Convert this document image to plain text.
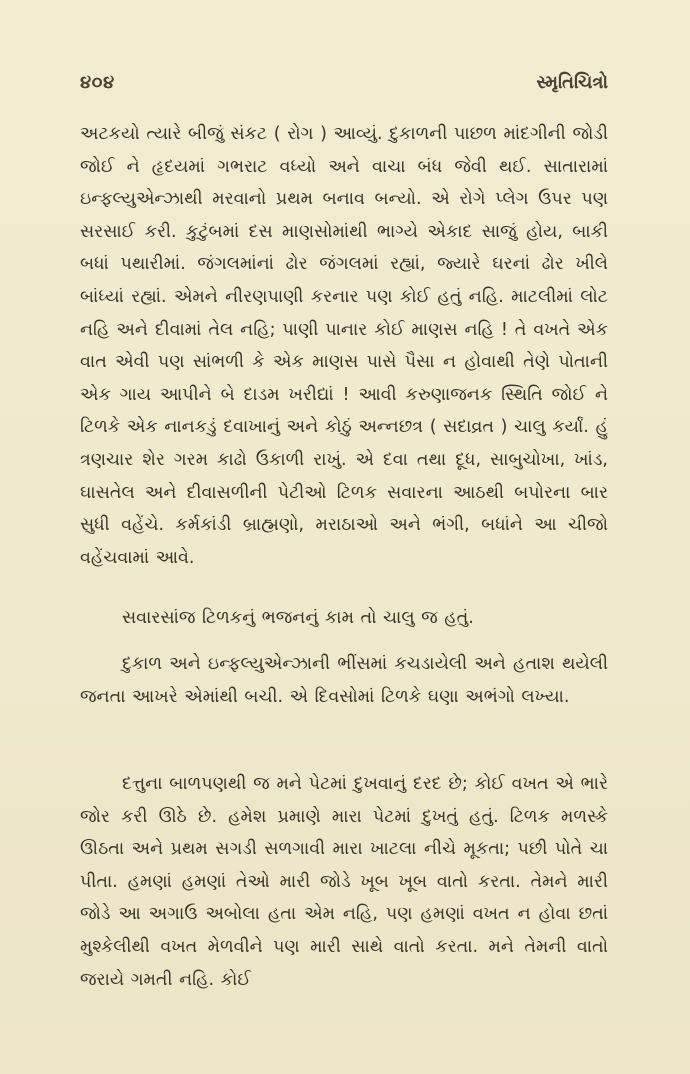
૪૦૪	સ્મૃતિચિત્રો

અટકયો ત્યારે બીજું સંકટ ( રોગ ) આવ્યું. દુકાળની પાછળ માંદગીની જોડી જોઈ ને હૃદયમાં ગભરાટ વધ્યો અને વાચા બંધ જેવી થઈ. સાતારામાં ઇન્ફલ્યુએન્ઝાથી મરવાનો પ્રથમ બનાવ બન્યો. એ રોગે પ્લેગ ઉપર પણ સરસાઈ કરી. કુટુંબમાં દસ માણસોમાંથી ભાગ્યે એકાદ સાજું હોય, બાકી બધાં પથારીમાં. જંગલમાંનાં ઢોર જંગલમાં રહ્યાં, જ્યારે ઘરનાં ઢોર ખીલે બાંધ્યાં રહ્યાં. એમને નીરણપાણી કરનાર પણ કોઈ હતું નહિ. માટલીમાં લોટ નહિ અને દીવામાં તેલ નહિ; પાણી પાનાર કોઈ માણસ નહિ ! તે વખતે એક વાત એવી પણ સાંભળી કે એક માણસ પાસે પૈસા ન હોવાથી તેણે પોતાની એક ગાય આપીને બે દાડમ ખરીદ્યાં ! આવી કરુણાજનક સ્થિતિ જોઈ ને ટિળકે એક નાનકડું દવાખાનું અને કોઠું અન્નછત્ર ( સદાવ્રત ) ચાલુ કર્યાં. હું ત્રણચાર શેર ગરમ કાઢો ઉકાળી રાખું. એ દવા તથા દૂધ, સાબુચોખા, ખાંડ, ઘાસતેલ અને દીવાસળીની પેટીઓ ટિળક સવારના આઠથી બપોરના બાર સુધી વહેંચે. કર્મકાંડી બ્રાહ્મણો, મરાઠાઓ અને ભંગી, બધાંને આ ચીજો વહેંચવામાં આવે.

સવારસાંજ ટિળકનું ભજનનું કામ તો ચાલુ જ હતું.

દુકાળ અને ઇન્ફલ્યુએન્ઝાની ભીંસમાં કચડાયેલી અને હતાશ થયેલી જનતા આખરે એમાંથી બચી. એ દિવસોમાં ટિળકે ઘણા અભંગો લખ્યા.

દત્તુના બાળપણથી જ મને પેટમાં દુખવાનું દરદ છે; કોઈ વખત એ ભારે જોર કરી ઊઠે છે. હમેશ પ્રમાણે મારા પેટમાં દુખતું હતું. ટિળક મળસ્કે ઊઠતા અને પ્રથમ સગડી સળગાવી મારા ખાટલા નીચે મૂકતા; પછી પોતે ચા પીતા. હમણાં હમણાં તેઓ મારી જોડે ખૂબ ખૂબ વાતો કરતા. તેમને મારી જોડે આ અગાઉ અબોલા હતા એમ નહિ, પણ હમણાં વખત ન હોવા છતાં મુશ્કેલીથી વખત મેળવીને પણ મારી સાથે વાતો કરતા. મને તેમની વાતો જરાયે ગમતી નહિ. કોઈ
